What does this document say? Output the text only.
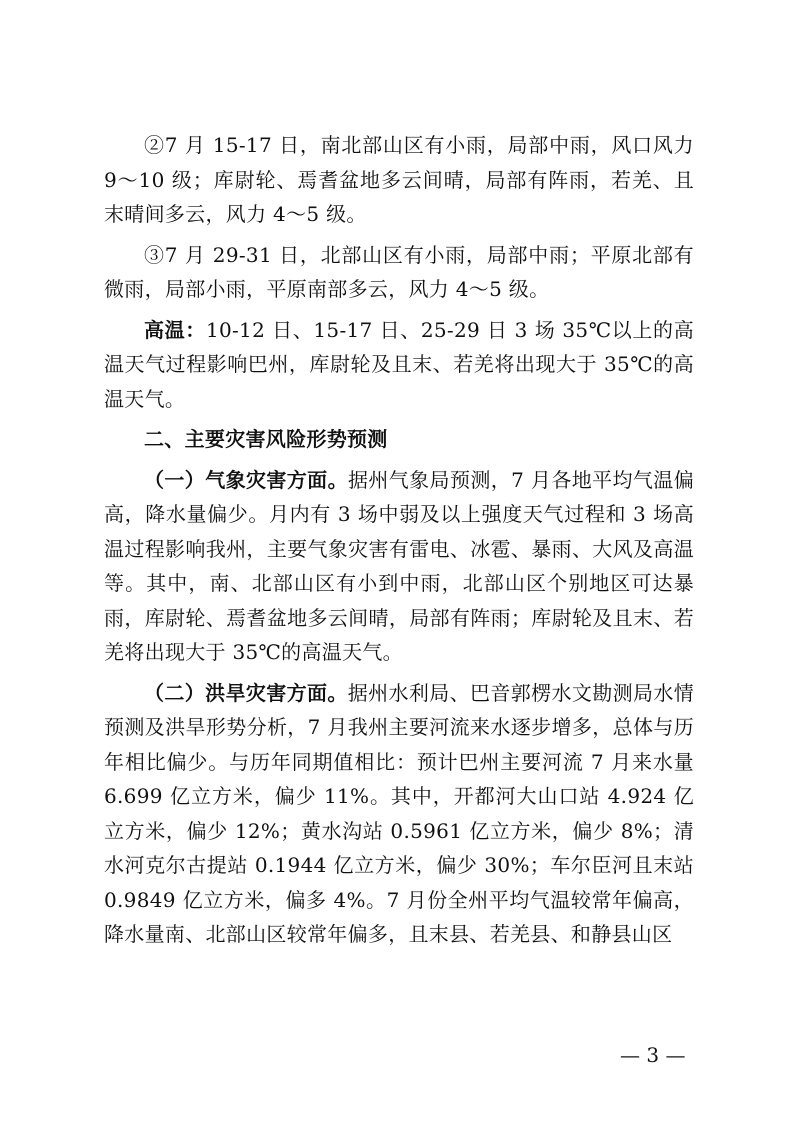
②7 月 15-17 日，南北部山区有小雨，局部中雨，风口风力 9～10 级；库尉轮、焉耆盆地多云间晴，局部有阵雨，若羌、且末晴间多云，风力 4～5 级。

③7 月 29-31 日，北部山区有小雨，局部中雨；平原北部有微雨，局部小雨，平原南部多云，风力 4～5 级。

高温：10-12 日、15-17 日、25-29 日 3 场 35℃以上的高温天气过程影响巴州，库尉轮及且末、若羌将出现大于 35℃的高温天气。

二、主要灾害风险形势预测

（一）气象灾害方面。据州气象局预测，7 月各地平均气温偏高，降水量偏少。月内有 3 场中弱及以上强度天气过程和 3 场高温过程影响我州，主要气象灾害有雷电、冰雹、暴雨、大风及高温等。其中，南、北部山区有小到中雨，北部山区个别地区可达暴雨，库尉轮、焉耆盆地多云间晴，局部有阵雨；库尉轮及且末、若羌将出现大于 35℃的高温天气。

（二）洪旱灾害方面。据州水利局、巴音郭楞水文勘测局水情预测及洪旱形势分析，7 月我州主要河流来水逐步增多，总体与历年相比偏少。与历年同期值相比：预计巴州主要河流 7 月来水量 6.699 亿立方米，偏少 11%。其中，开都河大山口站 4.924 亿立方米，偏少 12%；黄水沟站 0.5961 亿立方米，偏少 8%；清水河克尔古提站 0.1944 亿立方米，偏少 30%；车尔臣河且末站 0.9849 亿立方米，偏多 4%。7 月份全州平均气温较常年偏高，降水量南、北部山区较常年偏多，且末县、若羌县、和静县山区

— 3 —
